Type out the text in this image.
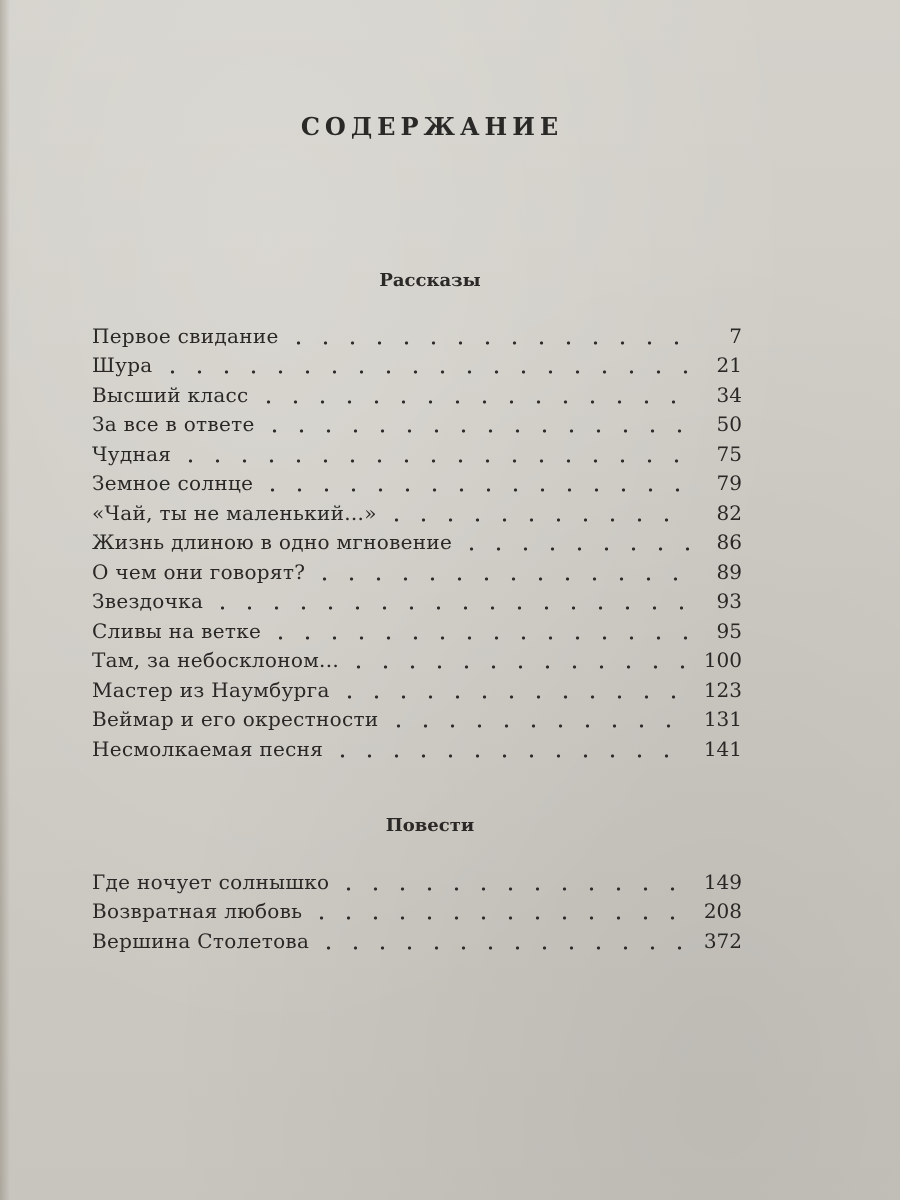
СОДЕРЖАНИЕ
Рассказы
Первое свидание	7
Шура	21
Высший класс	34
За все в ответе	50
Чудная	75
Земное солнце	79
«Чай, ты не маленький...»	82
Жизнь длиною в одно мгновение	86
О чем они говорят?	89
Звездочка	93
Сливы на ветке	95
Там, за небосклоном...	100
Мастер из Наумбурга	123
Веймар и его окрестности	131
Несмолкаемая песня	141
Повести
Где ночует солнышко	149
Возвратная любовь	208
Вершина Столетова	372
